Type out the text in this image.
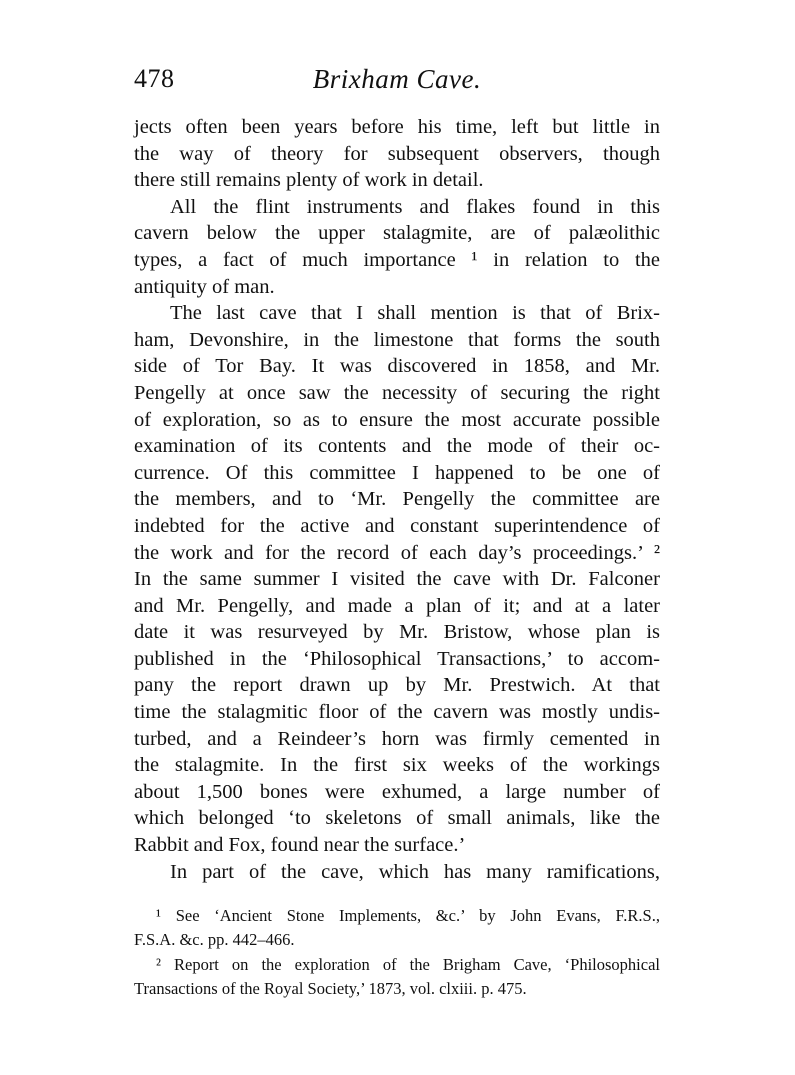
478	Brixham Cave.
jects often been years before his time, left but little in
the way of theory for subsequent observers, though
there still remains plenty of work in detail.
All the flint instruments and flakes found in this
cavern below the upper stalagmite, are of palæolithic
types, a fact of much importance ¹ in relation to the
antiquity of man.
The last cave that I shall mention is that of Brix-
ham, Devonshire, in the limestone that forms the south
side of Tor Bay. It was discovered in 1858, and Mr.
Pengelly at once saw the necessity of securing the right
of exploration, so as to ensure the most accurate possible
examination of its contents and the mode of their oc-
currence. Of this committee I happened to be one of
the members, and to ‘Mr. Pengelly the committee are
indebted for the active and constant superintendence of
the work and for the record of each day’s proceedings.’ ²
In the same summer I visited the cave with Dr. Falconer
and Mr. Pengelly, and made a plan of it; and at a later
date it was resurveyed by Mr. Bristow, whose plan is
published in the ‘Philosophical Transactions,’ to accom-
pany the report drawn up by Mr. Prestwich. At that
time the stalagmitic floor of the cavern was mostly undis-
turbed, and a Reindeer’s horn was firmly cemented in
the stalagmite. In the first six weeks of the workings
about 1,500 bones were exhumed, a large number of
which belonged ‘to skeletons of small animals, like the
Rabbit and Fox, found near the surface.’
In part of the cave, which has many ramifications,
¹ See ‘Ancient Stone Implements, &c.’ by John Evans, F.R.S.,
F.S.A. &c. pp. 442–466.
² Report on the exploration of the Brigham Cave, ‘Philosophical
Transactions of the Royal Society,’ 1873, vol. clxiii. p. 475.
